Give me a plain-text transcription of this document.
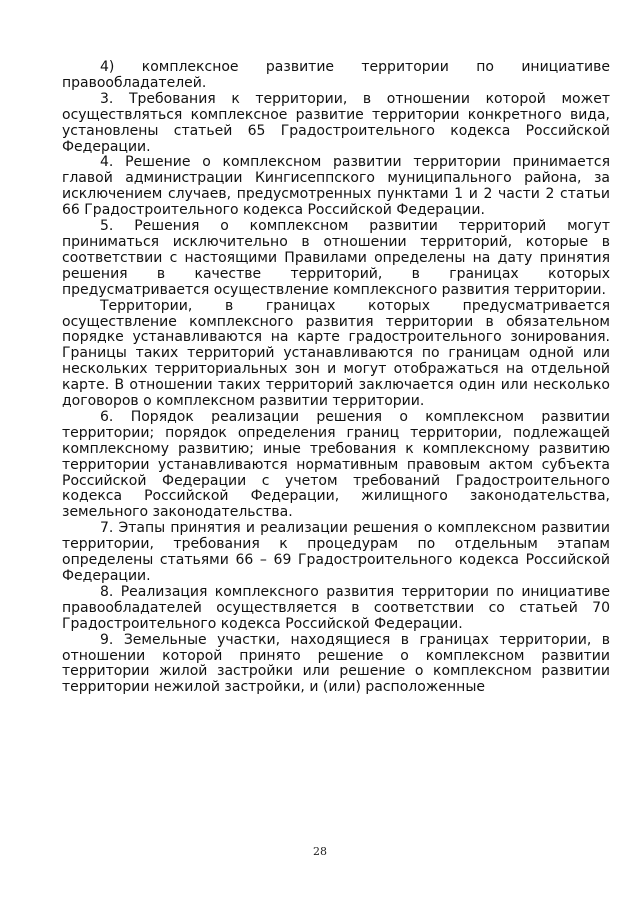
4) комплексное развитие территории по инициативе правообладателей.

3. Требования к территории, в отношении которой может осуществляться комплексное развитие территории конкретного вида, установлены статьей 65 Градостроительного кодекса Российской Федерации.

4. Решение о комплексном развитии территории принимается главой администрации Кингисеппского муниципального района, за исключением случаев, предусмотренных пунктами 1 и 2 части 2 статьи 66 Градостроительного кодекса Российской Федерации.

5. Решения о комплексном развитии территорий могут приниматься исключительно в отношении территорий, которые в соответствии с настоящими Правилами определены на дату принятия решения в качестве территорий, в границах которых предусматривается осуществление комплексного развития территории.

Территории, в границах которых предусматривается осуществление комплексного развития территории в обязательном порядке устанавливаются на карте градостроительного зонирования. Границы таких территорий устанавливаются по границам одной или нескольких территориальных зон и могут отображаться на отдельной карте. В отношении таких территорий заключается один или несколько договоров о комплексном развитии территории.

6. Порядок реализации решения о комплексном развитии территории; порядок определения границ территории, подлежащей комплексному развитию; иные требования к комплексному развитию территории устанавливаются нормативным правовым актом субъекта Российской Федерации с учетом требований Градостроительного кодекса Российской Федерации, жилищного законодательства, земельного законодательства.

7. Этапы принятия и реализации решения о комплексном развитии территории, требования к процедурам по отдельным этапам определены статьями 66 – 69 Градостроительного кодекса Российской Федерации.

8. Реализация комплексного развития территории по инициативе правообладателей осуществляется в соответствии со статьей 70 Градостроительного кодекса Российской Федерации.

9. Земельные участки, находящиеся в границах территории, в отношении которой принято решение о комплексном развитии территории жилой застройки или решение о комплексном развитии территории нежилой застройки, и (или) расположенные

28
